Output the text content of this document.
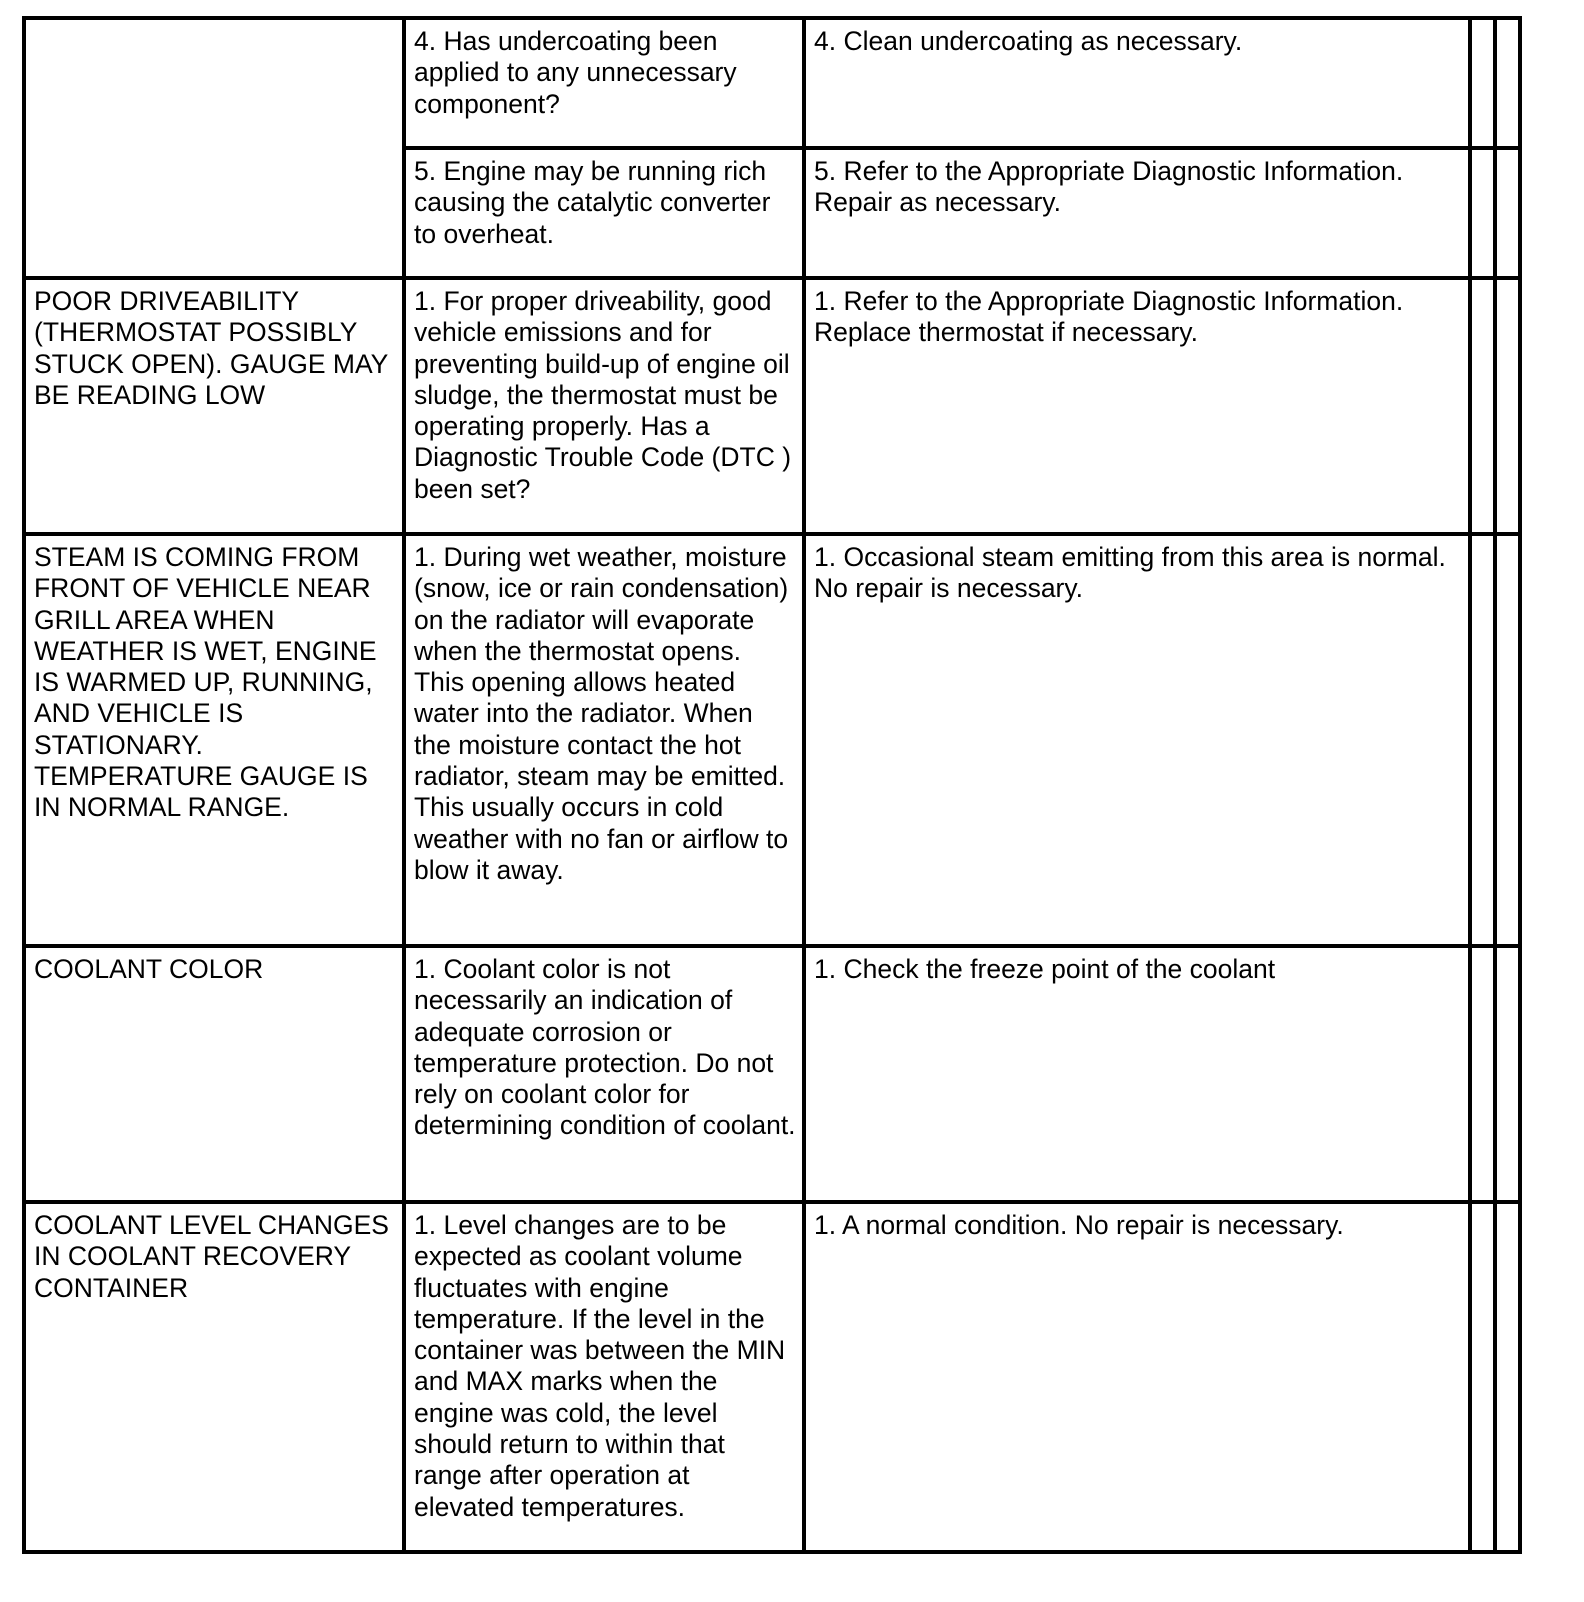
	4. Has undercoating been applied to any unnecessary component?	4. Clean undercoating as necessary.		

	5. Engine may be running rich causing the catalytic converter to overheat.	5. Refer to the Appropriate Diagnostic Information. Repair as necessary.		

POOR DRIVEABILITY (THERMOSTAT POSSIBLY STUCK OPEN). GAUGE MAY BE READING LOW	1. For proper driveability, good vehicle emissions and for preventing build-up of engine oil sludge, the thermostat must be operating properly. Has a Diagnostic Trouble Code (DTC ) been set?	1. Refer to the Appropriate Diagnostic Information. Replace thermostat if necessary.		

STEAM IS COMING FROM FRONT OF VEHICLE NEAR GRILL AREA WHEN WEATHER IS WET, ENGINE IS WARMED UP, RUNNING, AND VEHICLE IS STATIONARY. TEMPERATURE GAUGE IS IN NORMAL RANGE.	1. During wet weather, moisture (snow, ice or rain condensation) on the radiator will evaporate when the thermostat opens. This opening allows heated water into the radiator. When the moisture contact the hot radiator, steam may be emitted. This usually occurs in cold weather with no fan or airflow to blow it away.	1. Occasional steam emitting from this area is normal. No repair is necessary.		

COOLANT COLOR	1. Coolant color is not necessarily an indication of adequate corrosion or temperature protection. Do not rely on coolant color for determining condition of coolant.	1. Check the freeze point of the coolant		

COOLANT LEVEL CHANGES IN COOLANT RECOVERY CONTAINER	1. Level changes are to be expected as coolant volume fluctuates with engine temperature. If the level in the container was between the MIN and MAX marks when the engine was cold, the level should return to within that range after operation at elevated temperatures.	1. A normal condition. No repair is necessary.		
